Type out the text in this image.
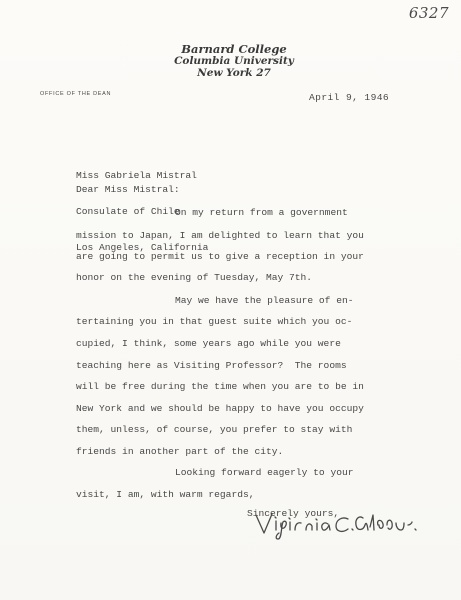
6327
Barnard College
Columbia University
New York 27
OFFICE OF THE DEAN	April 9, 1946

Miss Gabriela Mistral

Consulate of Chile

Los Angeles, California

Dear Miss Mistral:
On my return from a government
mission to Japan, I am delighted to learn that you
are going to permit us to give a reception in your
honor on the evening of Tuesday, May 7th.
May we have the pleasure of en-
tertaining you in that guest suite which you oc-
cupied, I think, some years ago while you were
teaching here as Visiting Professor?  The rooms
will be free during the time when you are to be in
New York and we should be happy to have you occupy
them, unless, of course, you prefer to stay with
friends in another part of the city.
Looking forward eagerly to your
visit, I am, with warm regards,
Sincerely yours,
